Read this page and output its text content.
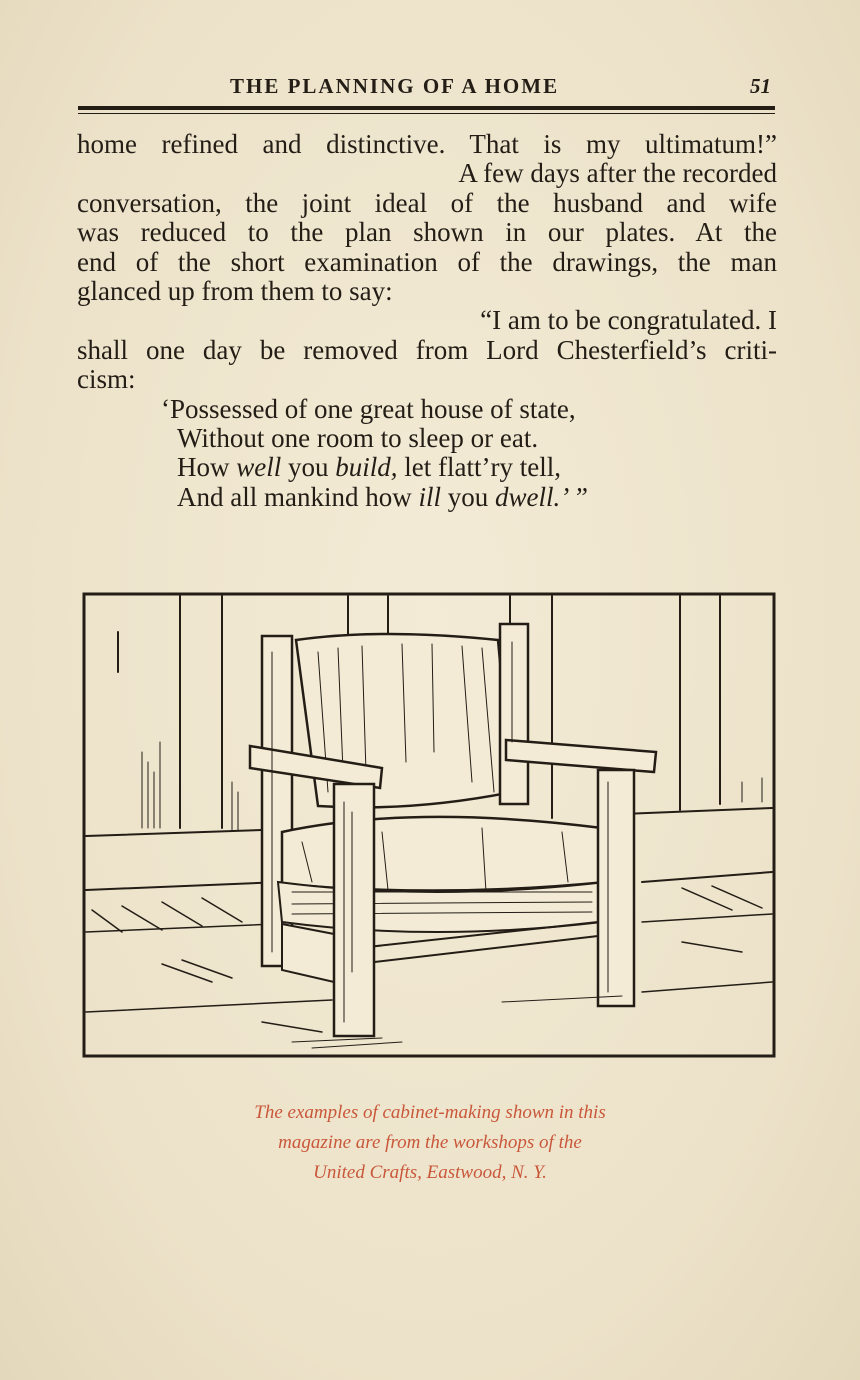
THE PLANNING OF A HOME	51
home refined and distinctive. That is my ultimatum!”
A few days after the recorded
conversation, the joint ideal of the husband and wife
was reduced to the plan shown in our plates. At the
end of the short examination of the drawings, the man
glanced up from them to say:
“I am to be congratulated. I
shall one day be removed from Lord Chesterfield’s criti-
cism:
‘Possessed of one great house of state,
Without one room to sleep or eat.
How well you build, let flatt’ry tell,
And all mankind how ill you dwell.’ ”
The examples of cabinet-making shown in this
magazine are from the workshops of the
United Crafts, Eastwood, N. Y.
